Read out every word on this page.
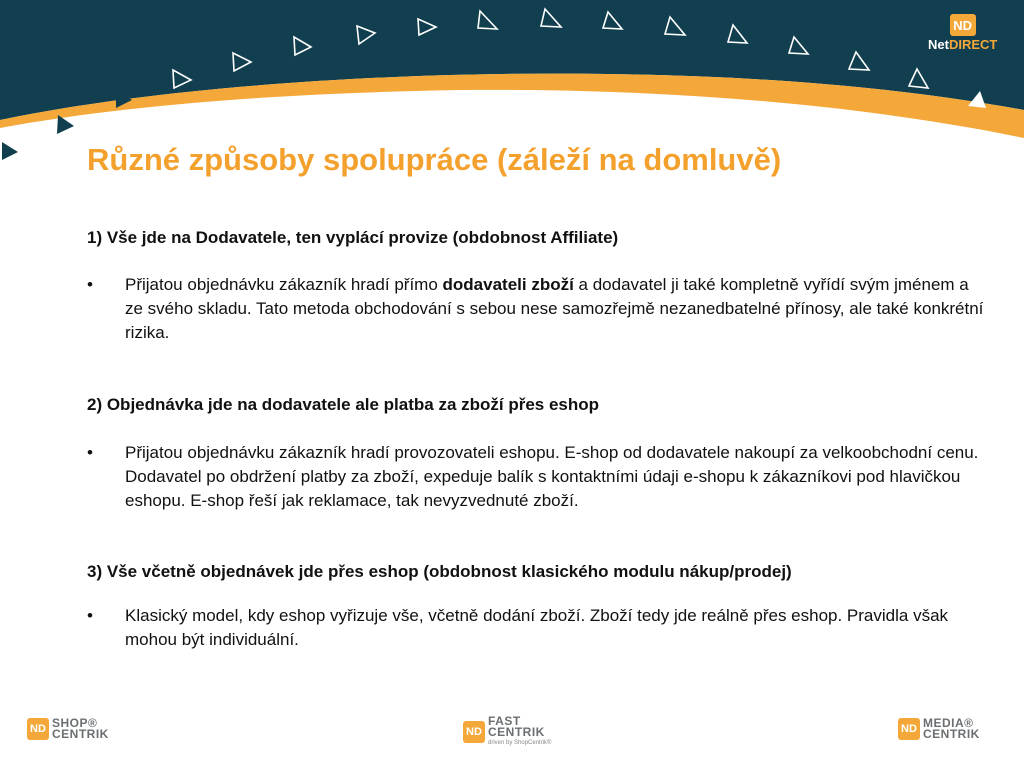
ND
NetDIRECT
Různé způsoby spolupráce (záleží na domluvě)

1) Vše jde na Dodavatele, ten vyplácí provize (obdobnost Affiliate)

• Přijatou objednávku zákazník hradí přímo dodavateli zboží a dodavatel ji také kompletně vyřídí svým jménem a ze svého skladu. Tato metoda obchodování s sebou nese samozřejmě nezanedbatelné přínosy, ale také konkrétní rizika.

2) Objednávka jde na dodavatele ale platba za zboží přes eshop

• Přijatou objednávku zákazník hradí provozovateli eshopu. E-shop od dodavatele nakoupí za velkoobchodní cenu. Dodavatel po obdržení platby za zboží, expeduje balík s kontaktními údaji e-shopu k zákazníkovi pod hlavičkou eshopu. E-shop řeší jak reklamace, tak nevyzvednuté zboží.

3) Vše včetně objednávek jde přes eshop (obdobnost klasického modulu nákup/prodej)

• Klasický model, kdy eshop vyřizuje vše, včetně dodání zboží. Zboží tedy jde reálně přes eshop. Pravidla však mohou být individuální.
ND SHOP®
CENTRIK	ND
FAST
CENTRIK
driven by ShopCentrik®
ND MEDIA®
CENTRIK
